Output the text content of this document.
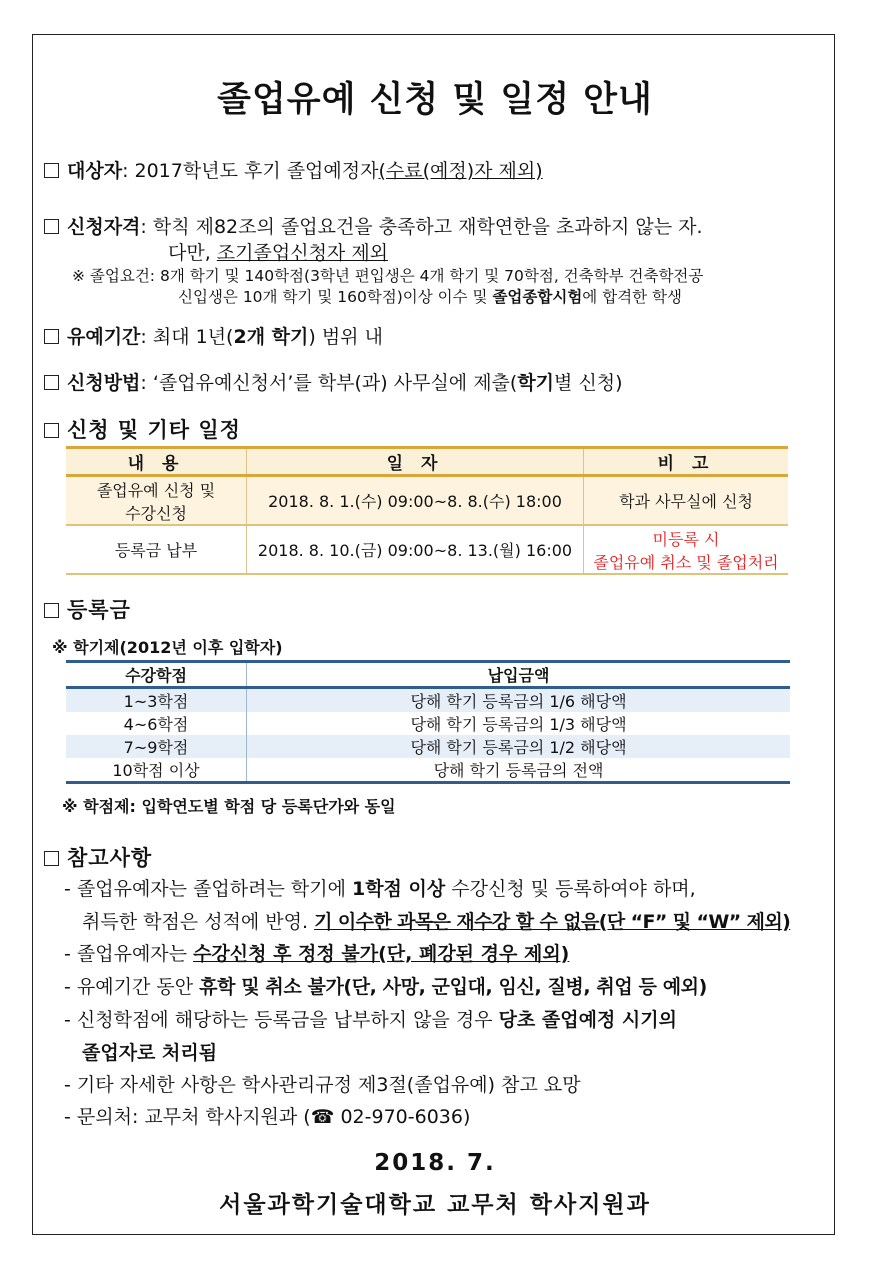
졸업유예 신청 및 일정 안내
대상자: 2017학년도 후기 졸업예정자(수료(예정)자 제외)
신청자격: 학칙 제82조의 졸업요건을 충족하고 재학연한을 초과하지 않는 자.
다만, 조기졸업신청자 제외
※ 졸업요건: 8개 학기 및 140학점(3학년 편입생은 4개 학기 및 70학점, 건축학부 건축학전공
신입생은 10개 학기 및 160학점)이상 이수 및 졸업종합시험에 합격한 학생
유예기간: 최대 1년(2개 학기) 범위 내
신청방법: ‘졸업유예신청서’를 학부(과) 사무실에 제출(학기별 신청)
신청 및 기타 일정
내 용	일 자	비 고
졸업유예 신청 및 수강신청	2018. 8. 1.(수) 09:00~8. 8.(수) 18:00	학과 사무실에 신청
등록금 납부	2018. 8. 10.(금) 09:00~8. 13.(월) 16:00	미등록 시
졸업유예 취소 및 졸업처리
등록금
※ 학기제(2012년 이후 입학자)
수강학점	납입금액
1~3학점	당해 학기 등록금의 1/6 해당액
4~6학점	당해 학기 등록금의 1/3 해당액
7~9학점	당해 학기 등록금의 1/2 해당액
10학점 이상	당해 학기 등록금의 전액
※ 학점제: 입학연도별 학점 당 등록단가와 동일
참고사항
- 졸업유예자는 졸업하려는 학기에 1학점 이상 수강신청 및 등록하여야 하며,
취득한 학점은 성적에 반영. 기 이수한 과목은 재수강 할 수 없음(단 “F” 및 “W” 제외)
- 졸업유예자는 수강신청 후 정정 불가(단, 폐강된 경우 제외)
- 유예기간 동안 휴학 및 취소 불가(단, 사망, 군입대, 임신, 질병, 취업 등 예외)
- 신청학점에 해당하는 등록금을 납부하지 않을 경우 당초 졸업예정 시기의
졸업자로 처리됨
- 기타 자세한 사항은 학사관리규정 제3절(졸업유예) 참고 요망
- 문의처: 교무처 학사지원과 (☎ 02-970-6036)
2018. 7.
서울과학기술대학교 교무처 학사지원과
